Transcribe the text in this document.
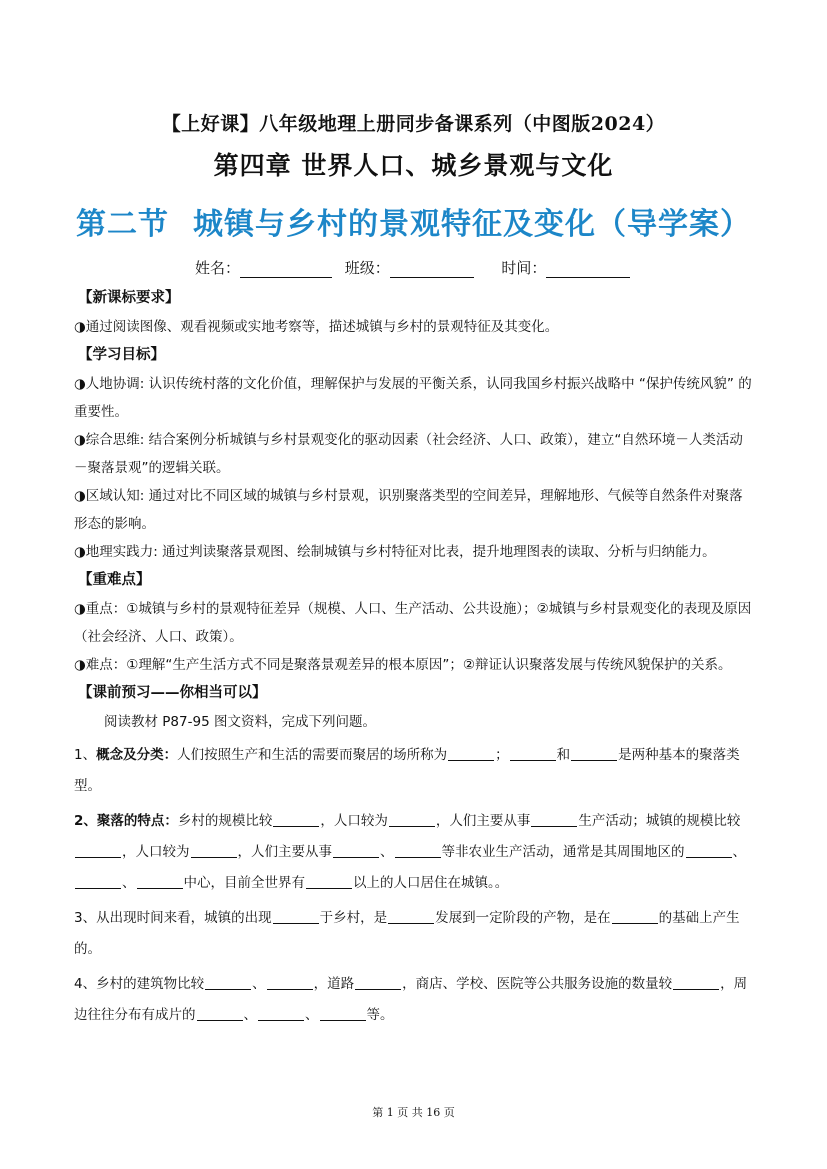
【上好课】八年级地理上册同步备课系列（中图版2024）
第四章 世界人口、城乡景观与文化
第二节 城镇与乡村的景观特征及变化（导学案）
姓名：	班级：	时间：
【新课标要求】

◑通过阅读图像、观看视频或实地考察等，描述城镇与乡村的景观特征及其变化。

【学习目标】

◑人地协调: 认识传统村落的文化价值，理解保护与发展的平衡关系，认同我国乡村振兴战略中 “保护传统风貌” 的重要性。

◑综合思维: 结合案例分析城镇与乡村景观变化的驱动因素（社会经济、人口、政策），建立“自然环境－人类活动－聚落景观”的逻辑关联。

◑区域认知: 通过对比不同区域的城镇与乡村景观，识别聚落类型的空间差异，理解地形、气候等自然条件对聚落形态的影响。

◑地理实践力: 通过判读聚落景观图、绘制城镇与乡村特征对比表，提升地理图表的读取、分析与归纳能力。

【重难点】

◑重点：①城镇与乡村的景观特征差异（规模、人口、生产活动、公共设施）；②城镇与乡村景观变化的表现及原因（社会经济、人口、政策）。

◑难点：①理解“生产生活方式不同是聚落景观差异的根本原因”；②辩证认识聚落发展与传统风貌保护的关系。

【课前预习——你相当可以】

阅读教材 P87-95 图文资料，完成下列问题。

1、概念及分类：人们按照生产和生活的需要而聚居的场所称为	；	和	是两种基本的聚落类型。

2、聚落的特点：乡村的规模比较	，人口较为	，人们主要从事	生产活动；城镇的规模比较，人口较为	，人们主要从事	、	等非农业生产活动，通常是其周围地区的	、、	中心，目前全世界有	以上的人口居住在城镇。。

3、从出现时间来看，城镇的出现	于乡村，是	发展到一定阶段的产物，是在	的基础上产生的。

4、乡村的建筑物比较	、	，道路	，商店、学校、医院等公共服务设施的数量较	，周边往往分布有成片的	、	、	等。

第 1 页 共 16 页
